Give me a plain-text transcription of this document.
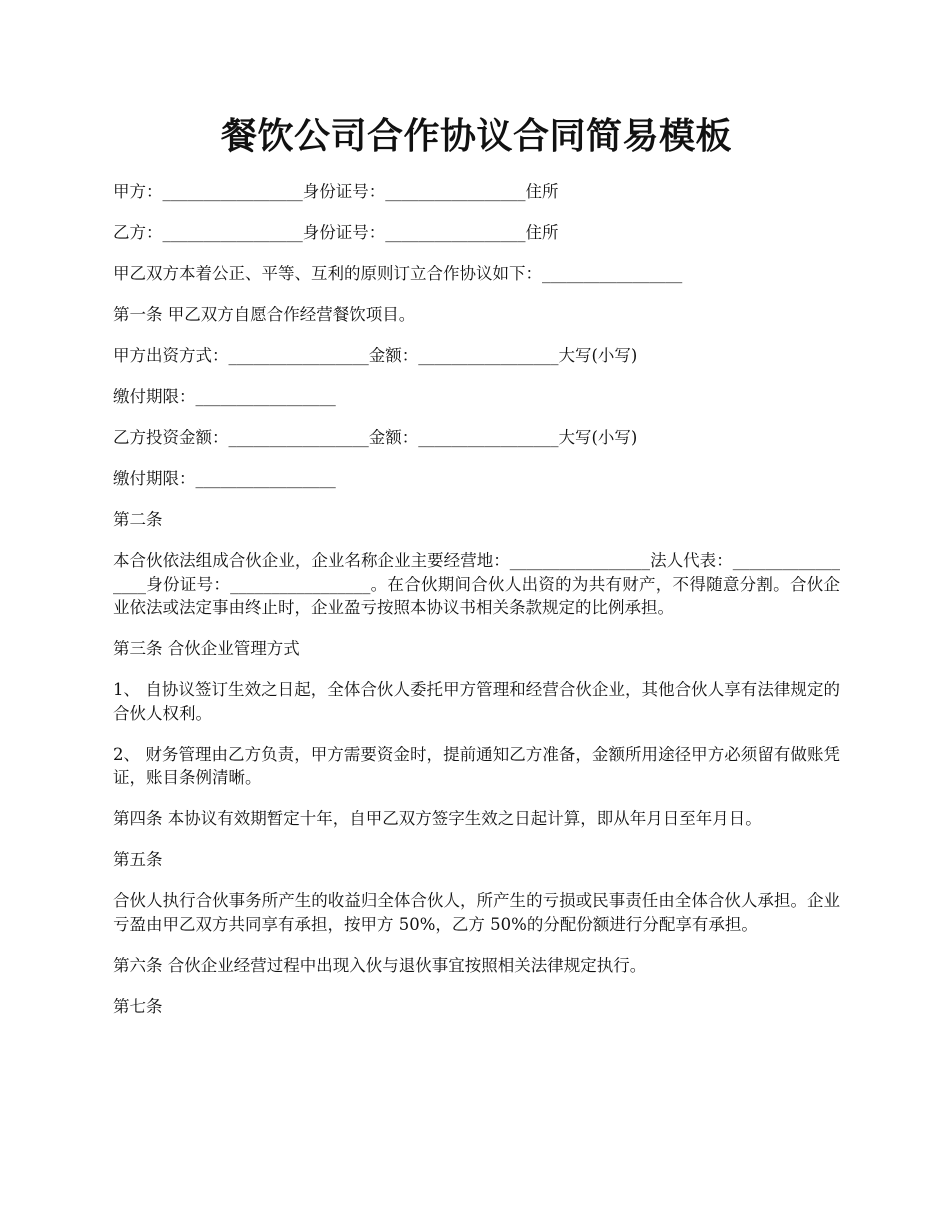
餐饮公司合作协议合同简易模板

甲方：_________________身份证号：_________________住所

乙方：_________________身份证号：_________________住所

甲乙双方本着公正、平等、互利的原则订立合作协议如下：_________________

第一条 甲乙双方自愿合作经营餐饮项目。

甲方出资方式：_________________金额：_________________大写(小写)

缴付期限：_________________

乙方投资金额：_________________金额：_________________大写(小写)

缴付期限：_________________

第二条

本合伙依法组成合伙企业，企业名称企业主要经营地：_________________法人代表：_________________身份证号：_________________。在合伙期间合伙人出资的为共有财产，不得随意分割。合伙企业依法或法定事由终止时，企业盈亏按照本协议书相关条款规定的比例承担。

第三条 合伙企业管理方式

1、 自协议签订生效之日起，全体合伙人委托甲方管理和经营合伙企业，其他合伙人享有法律规定的合伙人权利。

2、 财务管理由乙方负责，甲方需要资金时，提前通知乙方准备，金额所用途径甲方必须留有做账凭证，账目条例清晰。

第四条 本协议有效期暂定十年，自甲乙双方签字生效之日起计算，即从年月日至年月日。

第五条

合伙人执行合伙事务所产生的收益归全体合伙人，所产生的亏损或民事责任由全体合伙人承担。企业亏盈由甲乙双方共同享有承担，按甲方 50%，乙方 50%的分配份额进行分配享有承担。

第六条 合伙企业经营过程中出现入伙与退伙事宜按照相关法律规定执行。

第七条
